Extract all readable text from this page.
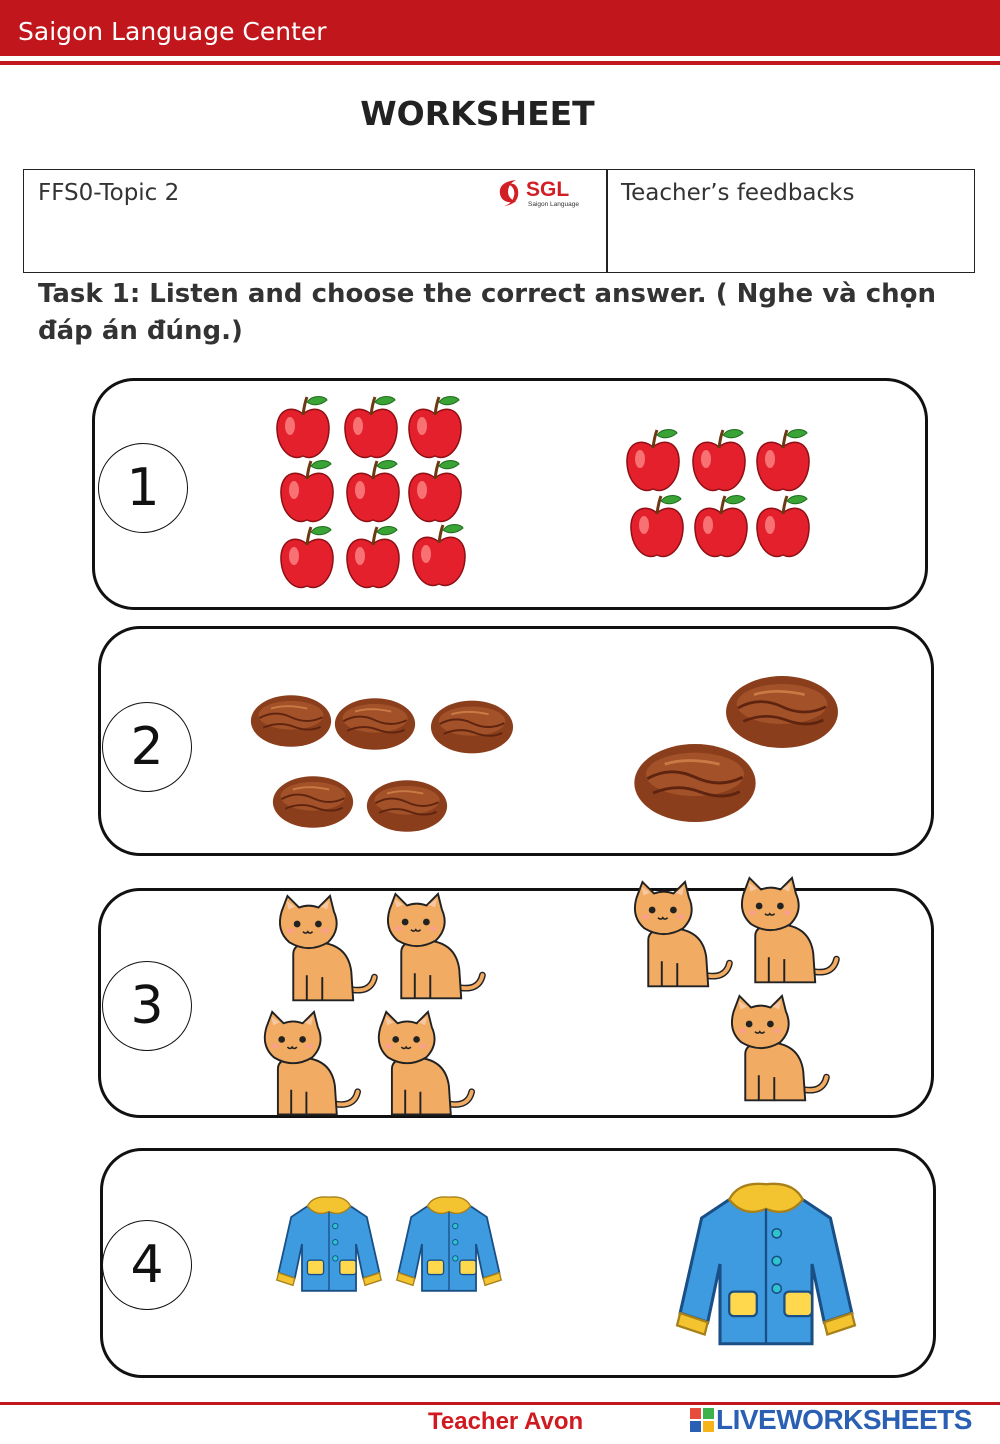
Saigon Language Center
WORKSHEET
FFS0-Topic 2	SGL
Saigon Language Teacher’s feedbacks
Task 1: Listen and choose the correct answer. ( Nghe và chọn đáp án đúng.)
1
2
3
4
Teacher Avon	LIVEWORKSHEETS
